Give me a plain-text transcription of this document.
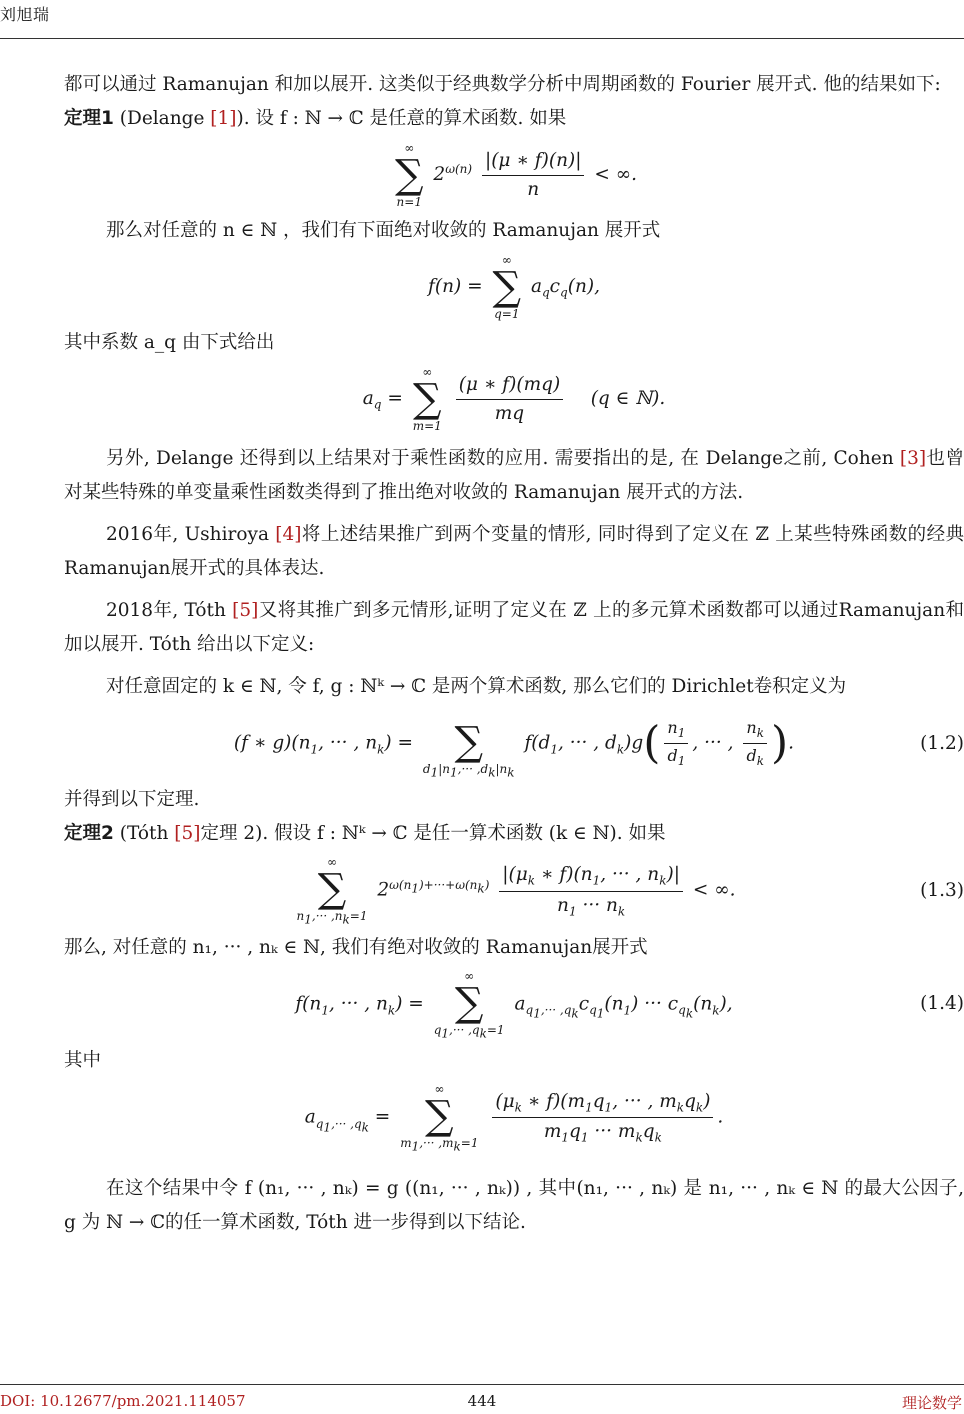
刘旭瑞

都可以通过 Ramanujan 和加以展开. 这类似于经典数学分析中周期函数的 Fourier 展开式. 他的结果如下:

定理1 (Delange [1]). 设 f : ℕ → ℂ 是任意的算术函数. 如果

∞
∑
n=1
$2^{\omega(n)} \frac{|(\mu ∗ f)(n)|}{n}$ < ∞.

那么对任意的 n ∈ ℕ ，我们有下面绝对收敛的 Ramanujan 展开式

f(n) =
∞
∑
q=1
$a_qc_q(n)$,

其中系数 a_q 由下式给出

$a_q$ =
∞
∑
m=1

$\frac{(\mu ∗ f)(mq)}{mq} (q$ ∈ ℕ).

另外, Delange 还得到以上结果对于乘性函数的应用. 需要指出的是, 在 Delange之前, Cohen [3]也曾对某些特殊的单变量乘性函数类得到了推出绝对收敛的 Ramanujan 展开式的方法.

2016年, Ushiroya [4]将上述结果推广到两个变量的情形, 同时得到了定义在 ℤ 上某些特殊函数的经典 Ramanujan展开式的具体表达.

2018年, Tóth [5]又将其推广到多元情形,证明了定义在 ℤ 上的多元算术函数都可以通过Ramanujan和加以展开. Tóth 给出以下定义:

对任意固定的 k ∈ ℕ, 令 f, g : ℕᵏ → ℂ 是两个算术函数, 那么它们的 Dirichlet卷积定义为

(f ∗ $g)(n_1$, ··· , $n_k$) =
∑
$d_1|n_1,\cdot\cdot\cdot ,d_k|n_k$
$f(d_1$, ··· , $d_k)g( \frac{n_1}{d_1}$ , ··· , $\frac{n_k}{d_k}$ ).	(1.2)

并得到以下定理.

定理2 (Tóth [5]定理 2). 假设 f : ℕᵏ → ℂ 是任一算术函数 (k ∈ ℕ). 如果

∞
∑
$n_1,\cdot\cdot\cdot ,n_k=1$
$2^{\omega(n_1)+\cdot\cdot\cdot+\omega(n_k)} \frac{|(\mu_k ∗ f)(n_1, \cdot\cdot\cdot , n_k)|}{n_1 \cdot\cdot\cdot n_k}$ < ∞.	(1.3)

那么, 对任意的 n₁, ··· , nₖ ∈ ℕ, 我们有绝对收敛的 Ramanujan展开式

$f(n_1$, ··· , $n_k$) =
∞
∑
$q_1,\cdot\cdot\cdot ,q_k=1$
$a_{q_1,\cdot\cdot\cdot ,q_k}c_{q_1}(n_1)$ ··· $c_{q_k}(n_k)$,	(1.4)

其中

$a_{q_1,\cdot\cdot\cdot ,q_k}$ =
∞
∑
$m_1,\cdot\cdot\cdot ,m_k=1$
$\frac{(\mu_k ∗ f)(m_1q_1, \cdot\cdot\cdot , m_kq_k)}{m_1q_1 \cdot\cdot\cdot m_kq_k}$ .

在这个结果中令 f (n₁, ··· , nₖ) = g ((n₁, ··· , nₖ)) , 其中(n₁, ··· , nₖ) 是 n₁, ··· , nₖ ∈ ℕ 的最大公因子, g 为 ℕ → ℂ的任一算术函数, Tóth 进一步得到以下结论.

DOI: 10.12677/pm.2021.114057	444	理论数学
